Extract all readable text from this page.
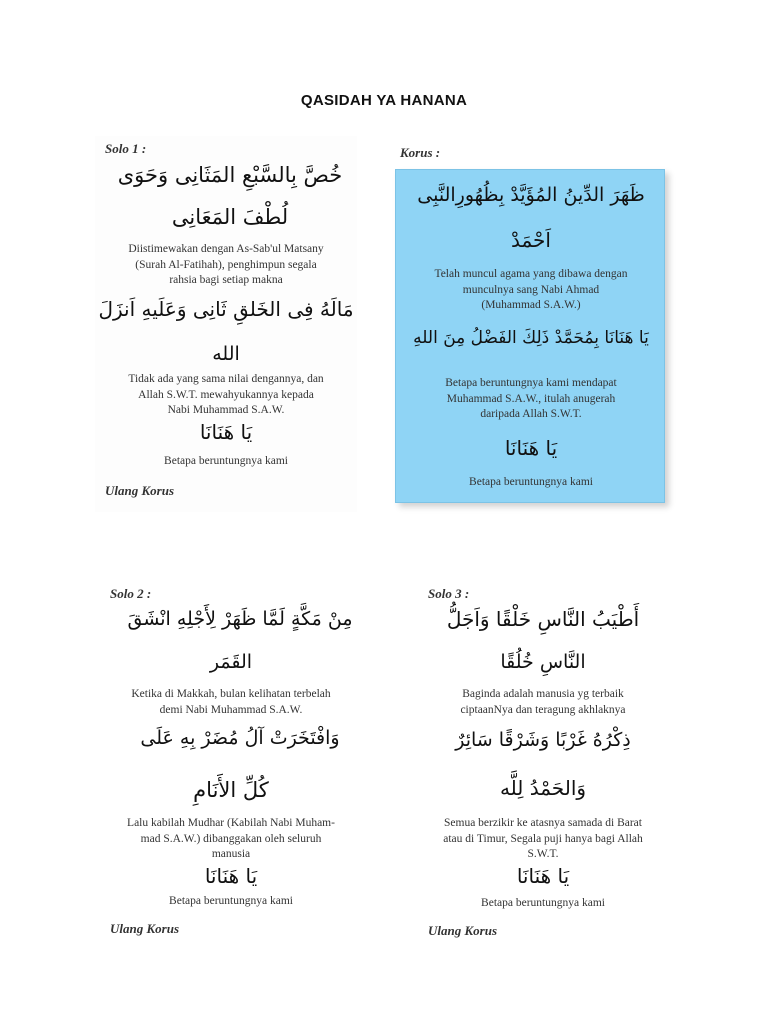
QASIDAH YA HANANA
Solo 1 :
خُصَّ بِالسَّبْعِ المَثَانِى وَحَوَى
لُطْفَ المَعَانِى
Diistimewakan dengan As-Sab'ul Matsany
(Surah Al-Fatihah), penghimpun segala
rahsia bagi setiap makna
مَالَهُ فِى الخَلقِ ثَانِى وَعَلَيهِ اَنزَلَ
الله
Tidak ada yang sama nilai dengannya, dan
Allah S.W.T. mewahyukannya kepada
Nabi Muhammad S.A.W.
يَا هَنَانَا
Betapa beruntungnya kami
Ulang Korus
Korus :
ظَهَرَ الدِّينُ المُؤَيَّدْ بِظُهُورِالنَّبِى
اَحْمَدْ
Telah muncul agama yang dibawa dengan
munculnya sang Nabi Ahmad
(Muhammad S.A.W.)
يَا هَنَانَا بِمُحَمَّدْ ذَلِكَ الفَضْلُ مِنَ اللهِ
Betapa beruntungnya kami mendapat
Muhammad S.A.W., itulah anugerah
daripada Allah S.W.T.
يَا هَنَانَا
Betapa beruntungnya kami
Solo 2 :
مِنْ مَكَّةٍ لَمَّا ظَهَرْ لِأَجْلِهِ انْشَقَ
القَمَر
Ketika di Makkah, bulan kelihatan terbelah
demi Nabi Muhammad S.A.W.
وَافْتَخَرَتْ آلُ مُضَرْ بِهِ عَلَى
كُلِّ الأَنَامِ
Lalu kabilah Mudhar (Kabilah Nabi Muham-
mad S.A.W.) dibanggakan oleh seluruh
manusia
يَا هَنَانَا
Betapa beruntungnya kami
Ulang Korus
Solo 3 :
أَطْيَبُ النَّاسِ خَلْقًا وَاَجَلُّ
النَّاسِ خُلُقًا
Baginda adalah manusia yg terbaik
ciptaanNya dan teragung akhlaknya
ذِكْرُهُ غَرْبًا وَشَرْقًا سَائِرٌ
وَالحَمْدُ لِلَّه
Semua berzikir ke atasnya samada di Barat
atau di Timur, Segala puji hanya bagi Allah
S.W.T.
يَا هَنَانَا
Betapa beruntungnya kami
Ulang Korus
